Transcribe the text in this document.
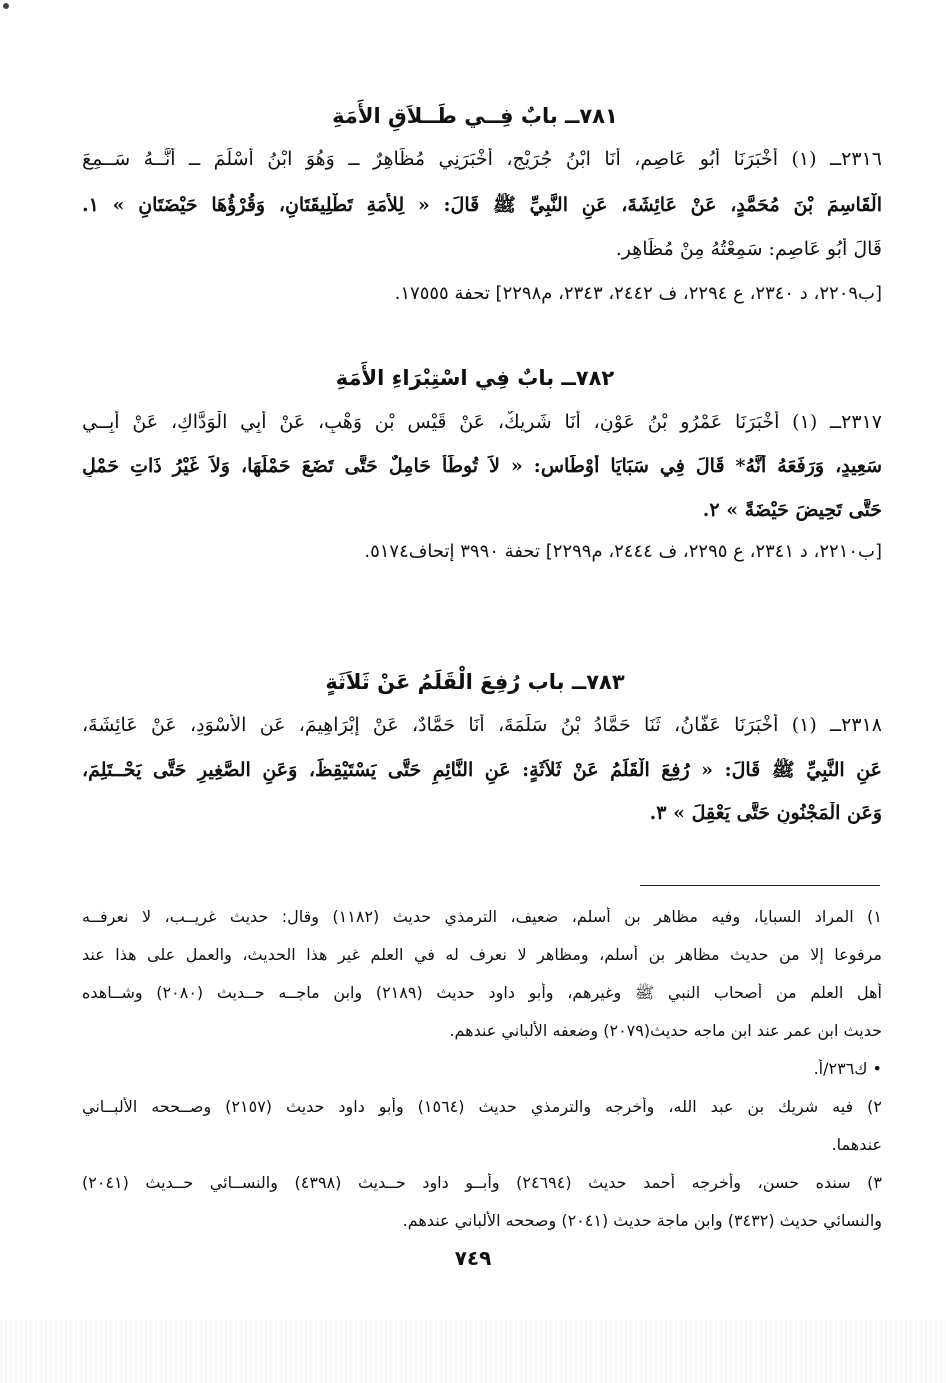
٧٨١ــ بابٌ فِــي طَــلاَقِ الأَمَةِ
٢٣١٦ــ (١) أَخْبَرَنَا أَبُو عَاصِمٍ، أَنَا ابْنُ جُرَيْجٍ، أَخْبَرَنِي مُظَاهِرٌ ــ وَهُوَ ابْنُ أَسْلَمَ ــ أَنَّــهُ سَــمِعَ
الْقَاسِمَ بْنَ مُحَمَّدٍ، عَنْ عَائِشَةَ، عَنِ النَّبِيِّ ﷺ قَالَ: « لِلأَمَةِ تَطْلِيقَتَانِ، وَقُرْؤُهَا حَيْضَتَانِ » ١.
قَالَ أَبُو عَاصِمٍ: سَمِعْتُهُ مِنْ مُظَاهِرٍ.
[ب٢٢٠٩، د ٢٣٤٠، ع ٢٢٩٤، ف ٢٤٤٢، ٢٣٤٣، م٢٢٩٨] تحفة ١٧٥٥٥.
٧٨٢ــ بابٌ فِي اسْتِبْرَاءِ الأَمَةِ
٢٣١٧ــ (١) أَخْبَرَنَا عَمْرُو بْنُ عَوْنٍ، أَنَا شَرِيكٌ، عَنْ قَيْسِ بْنِ وَهْبٍ، عَنْ أَبِي الْوَدَّاكِ، عَنْ أَبِــي
سَعِيدٍ، وَرَفَعَهُ أَنَّهُ* قَالَ فِي سَبَايَا أَوْطَاسٍ: « لاَ تُوطَأُ حَامِلٌ حَتَّى تَضَعَ حَمْلَهَا، وَلاَ غَيْرُ ذَاتِ حَمْلٍ
حَتَّى تَحِيضَ حَيْضَةً » ٢.
[ب٢٢١٠، د ٢٣٤١، ع ٢٢٩٥، ف ٢٤٤٤، م٢٢٩٩] تحفة ٣٩٩٠ إتحاف٥١٧٤.
٧٨٣ــ باب رُفِعَ الْقَلَمُ عَنْ ثَلاَثَةٍ
٢٣١٨ــ (١) أَخْبَرَنَا عَفَّانُ، ثَنَا حَمَّادُ بْنُ سَلَمَةَ، أَنَا حَمَّادٌ، عَنْ إِبْرَاهِيمَ، عَنِ الأَسْوَدِ، عَنْ عَائِشَةَ،
عَنِ النَّبِيِّ ﷺ قَالَ: « رُفِعَ الْقَلَمُ عَنْ ثَلاَثَةٍ: عَنِ النَّائِمِ حَتَّى يَسْتَيْقِظَ، وَعَنِ الصَّغِيرِ حَتَّى يَحْــتَلِمَ،
وَعَنِ الْمَجْنُونِ حَتَّى يَعْقِلَ » ٣.
١) المراد السبايا، وفيه مظاهر بن أسلم، ضعيف، الترمذي حديث (١١٨٢) وقال: حديث غريــب، لا نعرفــه
مرفوعا إلا من حديث مظاهر بن أسلم، ومظاهر لا نعرف له في العلم غير هذا الحديث، والعمل على هذا عند
أهل العلم من أصحاب النبي ﷺ وغيرهم، وأبو داود حديث (٢١٨٩) وابن ماجــه حــديث (٢٠٨٠) وشــاهده
حديث ابن عمر عند ابن ماجه حديث(٢٠٧٩) وضعفه الألباني عندهم.
• ك٢٣٦/أ.
٢) فيه شريك بن عبد الله، وأخرجه والترمذي حديث (١٥٦٤) وأبو داود حديث (٢١٥٧) وصــححه الألبــاني
عندهما.
٣) سنده حسن، وأخرجه أحمد حديث (٢٤٦٩٤) وأبــو داود حــديث (٤٣٩٨) والنســائي حــديث (٢٠٤١)
والنسائي حديث (٣٤٣٢) وابن ماجة حديث (٢٠٤١) وصححه الألباني عندهم.
٧٤٩
